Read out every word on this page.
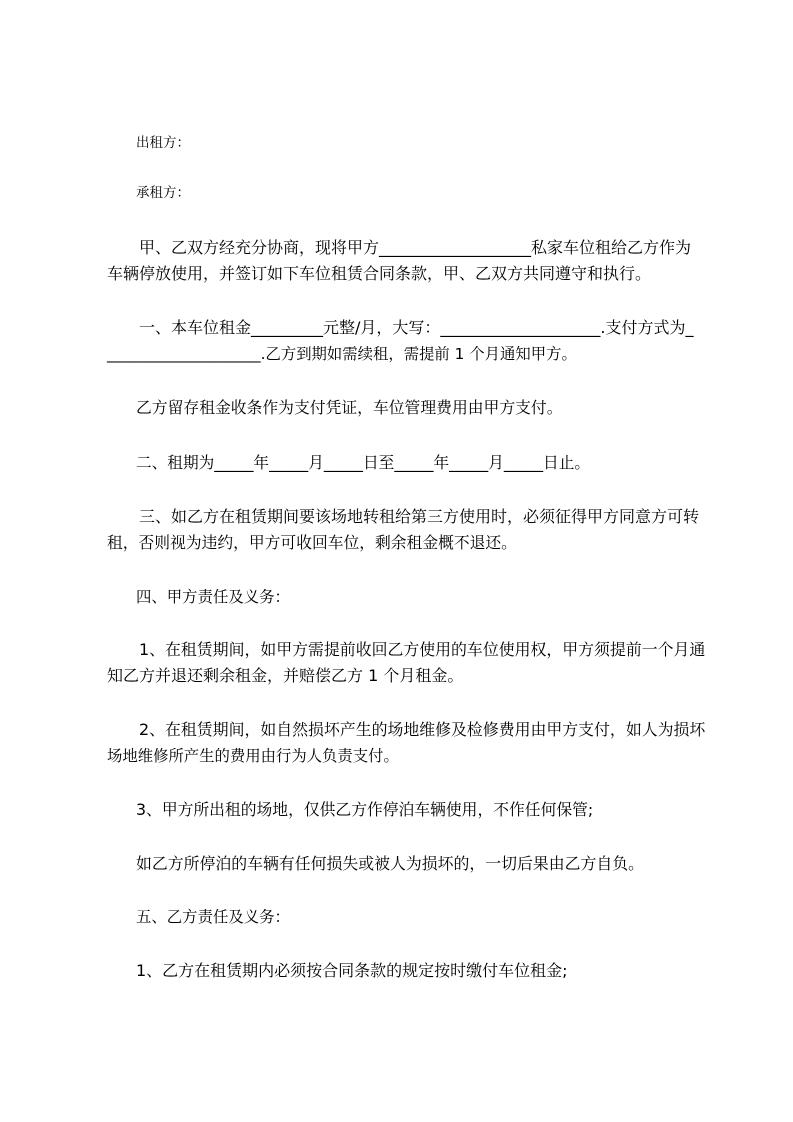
出租方：
承租方：
甲、乙双方经充分协商，现将甲方___________________私家车位租给乙方作为
车辆停放使用，并签订如下车位租赁合同条款，甲、乙双方共同遵守和执行。
一、本车位租金_________元整/月，大写：____________________.支付方式为_
____________________.乙方到期如需续租，需提前 1 个月通知甲方。
乙方留存租金收条作为支付凭证，车位管理费用由甲方支付。
二、租期为_____年_____月_____日至_____年_____月_____日止。
三、如乙方在租赁期间要该场地转租给第三方使用时，必须征得甲方同意方可转
租，否则视为违约，甲方可收回车位，剩余租金概不退还。
四、甲方责任及义务：
1、在租赁期间，如甲方需提前收回乙方使用的车位使用权，甲方须提前一个月通
知乙方并退还剩余租金，并赔偿乙方 1 个月租金。
2、在租赁期间，如自然损坏产生的场地维修及检修费用由甲方支付，如人为损坏
场地维修所产生的费用由行为人负责支付。
3、甲方所出租的场地，仅供乙方作停泊车辆使用，不作任何保管;
如乙方所停泊的车辆有任何损失或被人为损坏的，一切后果由乙方自负。
五、乙方责任及义务：
1、乙方在租赁期内必须按合同条款的规定按时缴付车位租金;
